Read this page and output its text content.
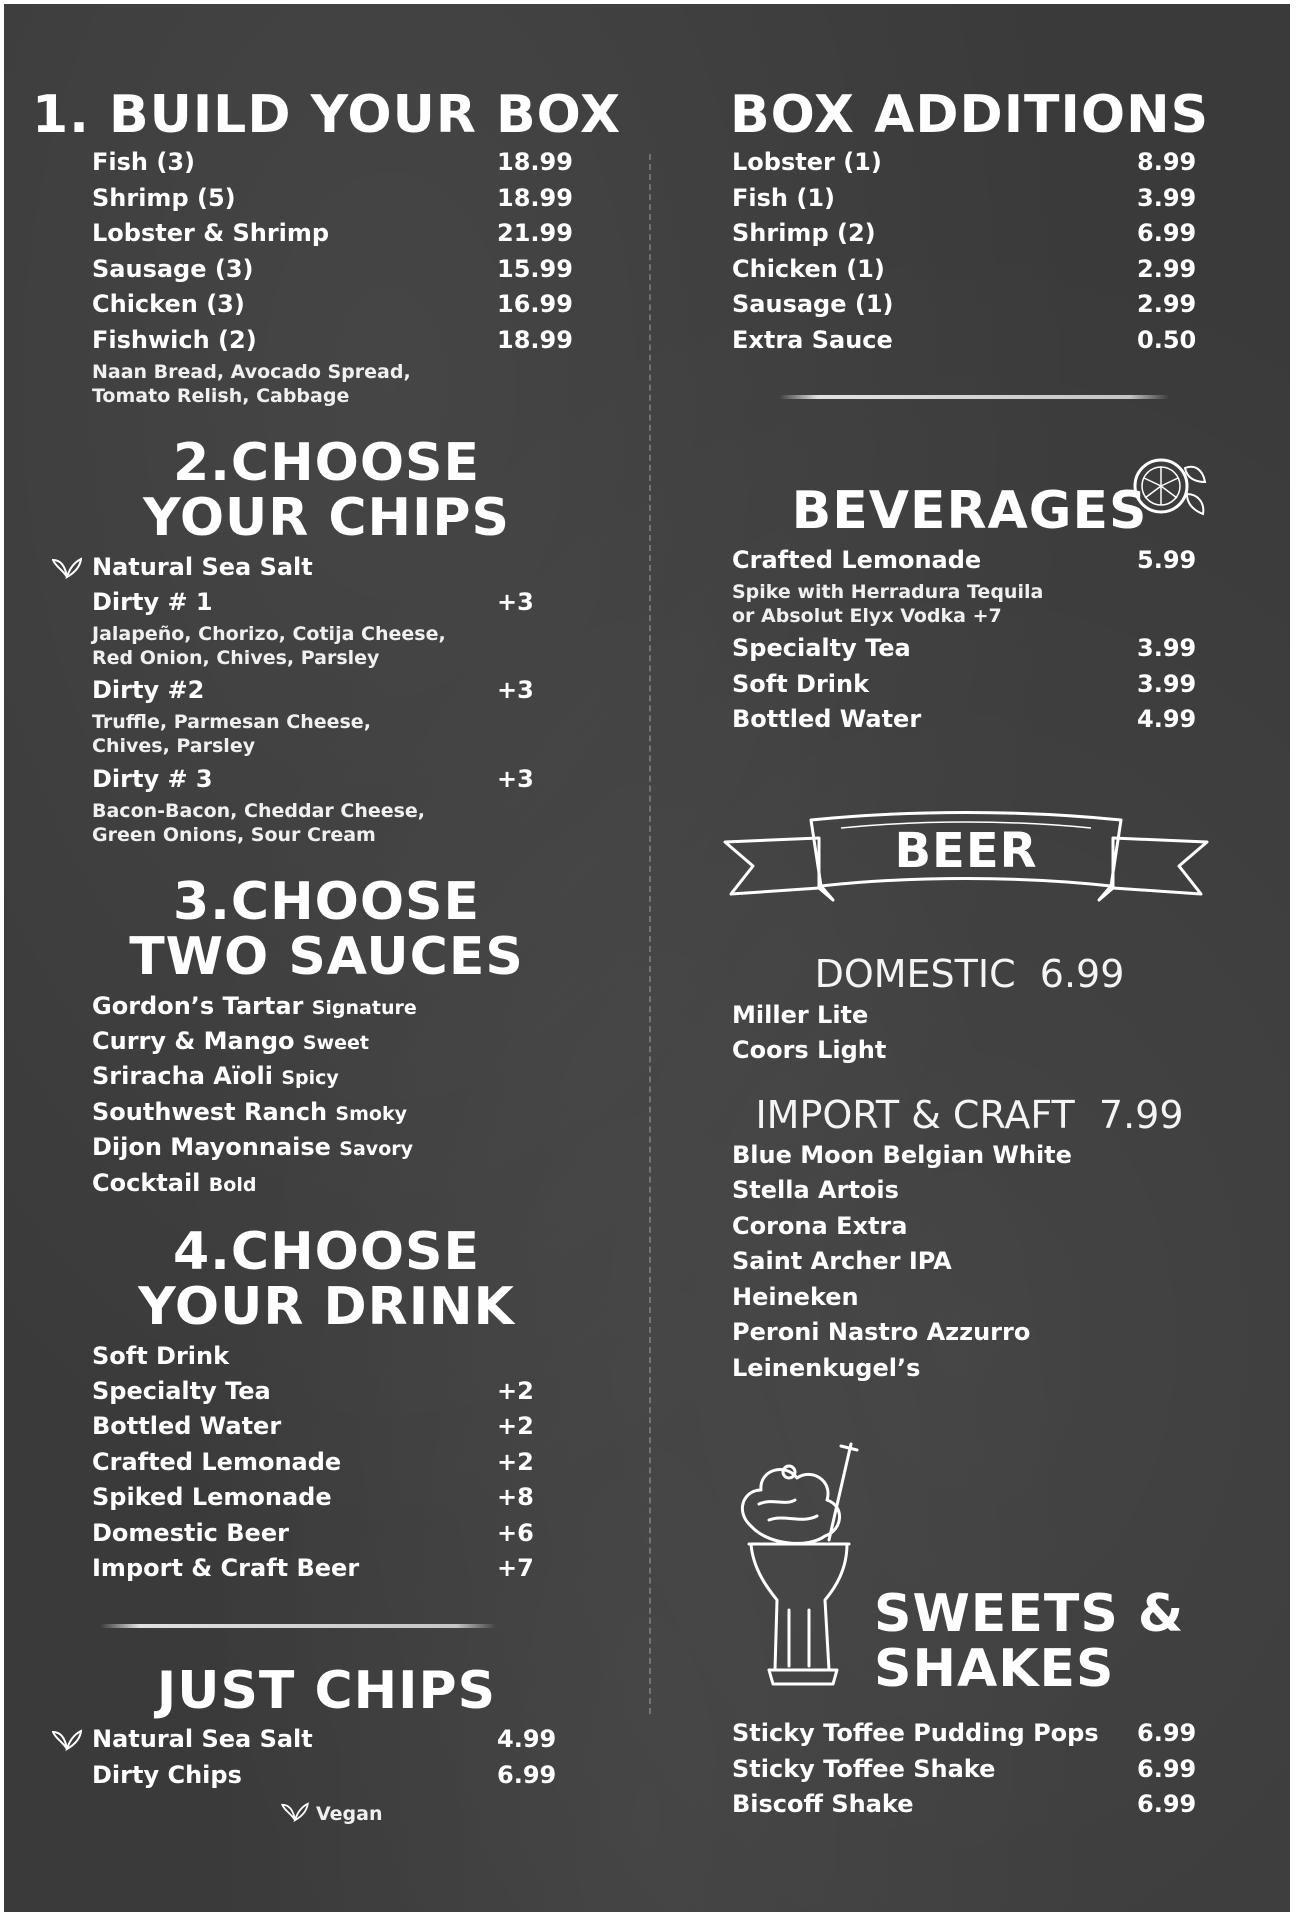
1. BUILD YOUR BOX
Fish (3)	18.99
Shrimp (5)	18.99
Lobster & Shrimp	21.99
Sausage (3)	15.99
Chicken (3)	16.99
Fishwich (2)	18.99
Naan Bread, Avocado Spread,
Tomato Relish, Cabbage
2.CHOOSE
YOUR CHIPS
Natural Sea Salt
Dirty # 1	+3
Jalapeño, Chorizo, Cotija Cheese,
Red Onion, Chives, Parsley
Dirty #2	+3
Truffle, Parmesan Cheese,
Chives, Parsley
Dirty # 3	+3
Bacon-Bacon, Cheddar Cheese,
Green Onions, Sour Cream
3.CHOOSE
TWO SAUCES
Gordon’s Tartar Signature
Curry & Mango Sweet
Sriracha Aïoli Spicy
Southwest Ranch Smoky
Dijon Mayonnaise Savory
Cocktail Bold
4.CHOOSE
YOUR DRINK
Soft Drink
Specialty Tea	+2
Bottled Water	+2
Crafted Lemonade	+2
Spiked Lemonade	+8
Domestic Beer	+6
Import & Craft Beer	+7
JUST CHIPS
Natural Sea Salt	4.99
Dirty Chips	6.99
Vegan
BOX ADDITIONS
Lobster (1)	8.99
Fish (1)	3.99
Shrimp (2)	6.99
Chicken (1)	2.99
Sausage (1)	2.99
Extra Sauce	0.50
BEVERAGES
Crafted Lemonade	5.99
Spike with Herradura Tequila
or Absolut Elyx Vodka +7
Specialty Tea	3.99
Soft Drink	3.99
Bottled Water	4.99
BEER
DOMESTIC 6.99
Miller Lite
Coors Light
IMPORT & CRAFT 7.99
Blue Moon Belgian White
Stella Artois
Corona Extra
Saint Archer IPA
Heineken
Peroni Nastro Azzurro
Leinenkugel’s
SWEETS &
SHAKES
Sticky Toffee Pudding Pops 6.99
Sticky Toffee Shake	6.99
Biscoff Shake	6.99
